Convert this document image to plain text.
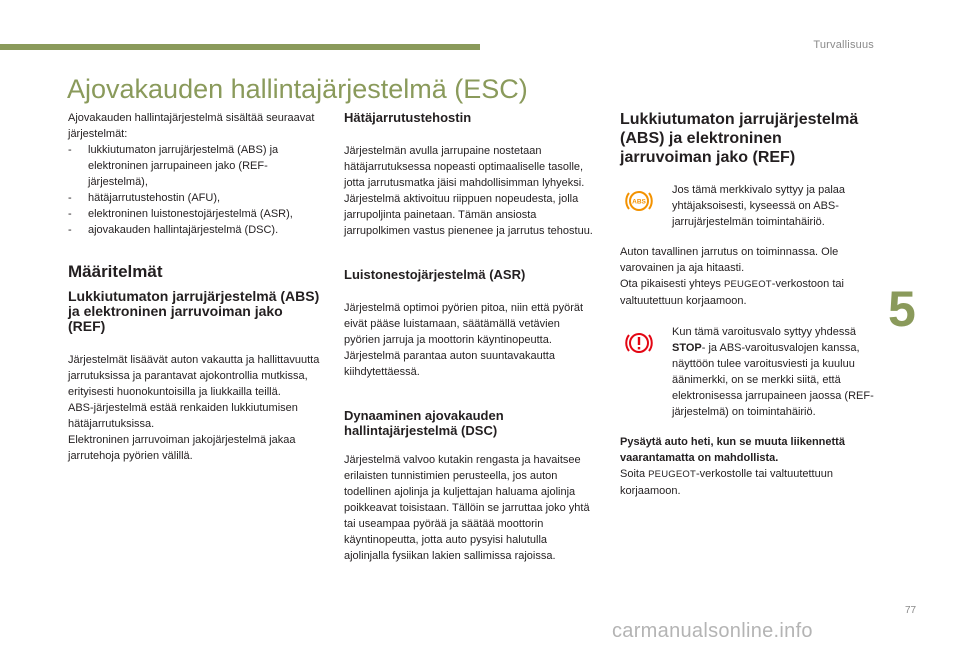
Turvallisuus
5
77
carmanualsonline.info
Ajovakauden hallintajärjestelmä (ESC)

Ajovakauden hallintajärjestelmä sisältää seuraavat järjestelmät:

- lukkiutumaton jarrujärjestelmä (ABS) ja elektroninen jarrupaineen jako (REF-järjestelmä),
- hätäjarrutustehostin (AFU),
- elektroninen luistonestojärjestelmä (ASR),
- ajovakauden hallintajärjestelmä (DSC).
Määritelmät
Lukkiutumaton jarrujärjestelmä (ABS) ja elektroninen jarruvoiman jako (REF)

Järjestelmät lisäävät auton vakautta ja hallittavuutta jarrutuksissa ja parantavat ajokontrollia mutkissa, erityisesti huonokuntoisilla ja liukkailla teillä.

ABS-järjestelmä estää renkaiden lukkiutumisen hätäjarrutuksissa.

Elektroninen jarruvoiman jakojärjestelmä jakaa jarrutehoja pyörien välillä.

Hätäjarrutustehostin

Järjestelmän avulla jarrupaine nostetaan hätäjarrutuksessa nopeasti optimaaliselle tasolle, jotta jarrutusmatka jäisi mahdollisimman lyhyeksi.

Järjestelmä aktivoituu riippuen nopeudesta, jolla jarrupoljinta painetaan. Tämän ansiosta jarrupolkimen vastus pienenee ja jarrutus tehostuu.

Luistonestojärjestelmä (ASR)

Järjestelmä optimoi pyörien pitoa, niin että pyörät eivät pääse luistamaan, säätämällä vetävien pyörien jarruja ja moottorin käyntinopeutta. Järjestelmä parantaa auton suuntavakautta kiihdytettäessä.

Dynaaminen ajovakauden hallintajärjestelmä (DSC)

Järjestelmä valvoo kutakin rengasta ja havaitsee erilaisten tunnistimien perusteella, jos auton todellinen ajolinja ja kuljettajan haluama ajolinja poikkeavat toisistaan. Tällöin se jarruttaa joko yhtä tai useampaa pyörää ja säätää moottorin käyntinopeutta, jotta auto pysyisi halutulla ajolinjalla fysiikan lakien sallimissa rajoissa.

Lukkiutumaton jarrujärjestelmä (ABS) ja elektroninen jarruvoiman jako (REF)
ABS

Jos tämä merkkivalo syttyy ja palaa yhtäjaksoisesti, kyseessä on ABS-jarrujärjestelmän toimintahäiriö.

Auton tavallinen jarrutus on toiminnassa. Ole varovainen ja aja hitaasti.

Ota pikaisesti yhteys PEUGEOT-verkostoon tai valtuutettuun korjaamoon.

Kun tämä varoitusvalo syttyy yhdessä STOP- ja ABS-varoitusvalojen kanssa, näyttöön tulee varoitusviesti ja kuuluu äänimerkki, on se merkki siitä, että elektronisessa jarrupaineen jaossa (REF-järjestelmä) on toimintahäiriö.

Pysäytä auto heti, kun se muuta liikennettä vaarantamatta on mahdollista.

Soita PEUGEOT-verkostolle tai valtuutettuun korjaamoon.
